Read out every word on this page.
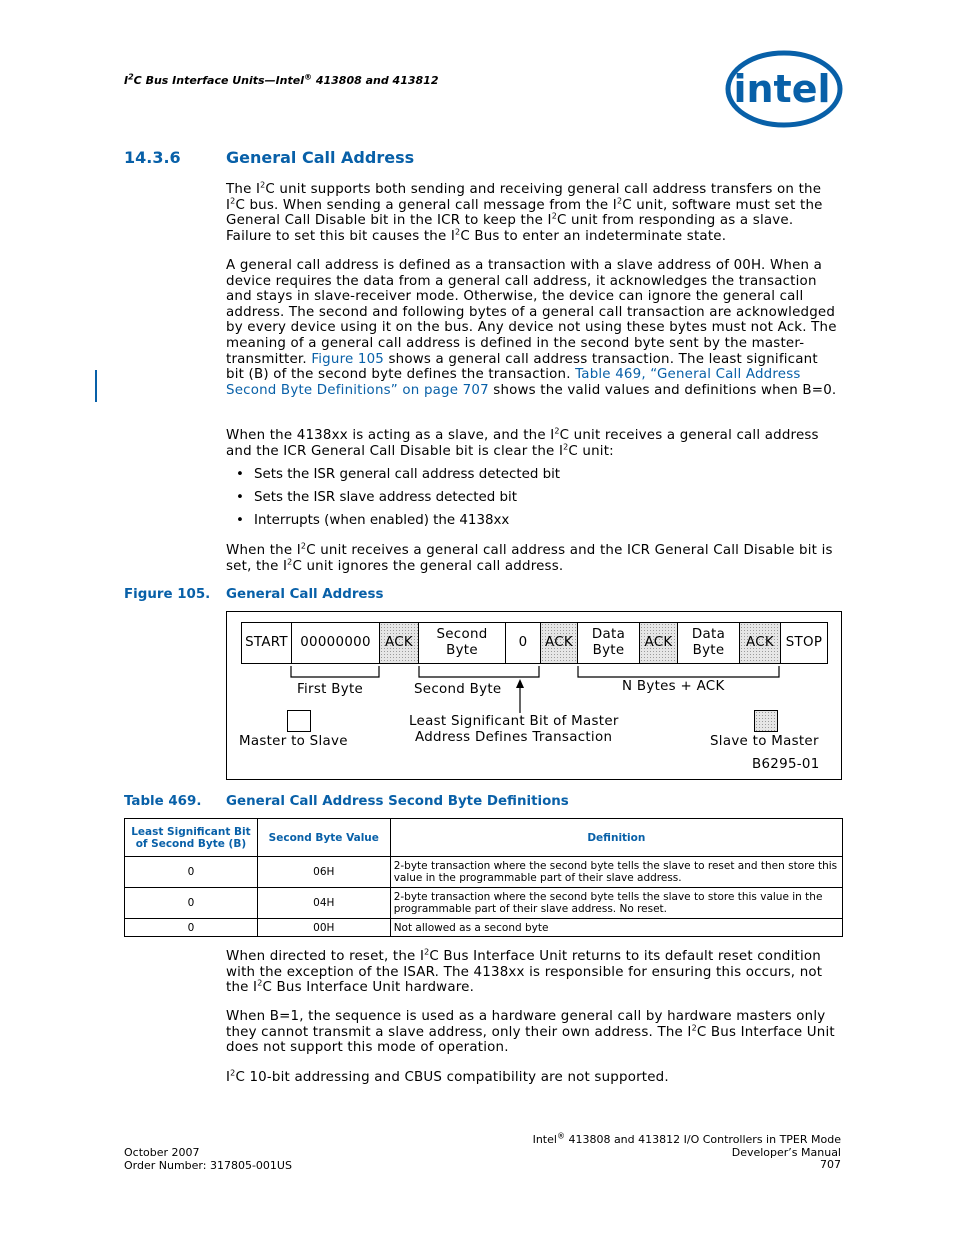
$I^2C$ Bus Interface Units—Intel® 413808 and 413812	intel
14.3.6	General Call Address

The $I^2C$ unit supports both sending and receiving general call address transfers on the $I^2C$ bus. When sending a general call message from the $I^2C$ unit, software must set the General Call Disable bit in the ICR to keep the $I^2C$ unit from responding as a slave. Failure to set this bit causes the $I^2C$ Bus to enter an indeterminate state.

A general call address is defined as a transaction with a slave address of 00H. When a device requires the data from a general call address, it acknowledges the transaction and stays in slave-receiver mode. Otherwise, the device can ignore the general call address. The second and following bytes of a general call transaction are acknowledged by every device using it on the bus. Any device not using these bytes must not Ack. The meaning of a general call address is defined in the second byte sent by the master-transmitter. Figure 105 shows a general call address transaction. The least significant bit (B) of the second byte defines the transaction. Table 469, “General Call Address Second Byte Definitions” on page 707 shows the valid values and definitions when B=0.

When the 4138xx is acting as a slave, and the $I^2C$ unit receives a general call address and the ICR General Call Disable bit is clear the $I^2C$ unit:

• Sets the ISR general call address detected bit
• Sets the ISR slave address detected bit
• Interrupts (when enabled) the 4138xx

When the $I^2C$ unit receives a general call address and the ICR General Call Disable bit is set, the $I^2C$ unit ignores the general call address.

Figure 105. General Call Address
START 00000000	ACK
Second Byte
0	ACK
Data Byte
ACK
Data Byte
ACK STOP
First Byte	Second Byte	N Bytes + ACK
Least Significant Bit of Master
Address Defines Transaction
Master to Slave	Slave to Master
B6295-01
Table 469. General Call Address Second Byte Definitions
Least Significant Bit of Second Byte (B)	Second Byte Value	Definition
0	06H	2-byte transaction where the second byte tells the slave to reset and then store this value in the programmable part of their slave address.
0	04H	2-byte transaction where the second byte tells the slave to store this value in the programmable part of their slave address. No reset.
0	00H	Not allowed as a second byte

When directed to reset, the $I^2C$ Bus Interface Unit returns to its default reset condition with the exception of the ISAR. The 4138xx is responsible for ensuring this occurs, not the $I^2C$ Bus Interface Unit hardware.

When B=1, the sequence is used as a hardware general call by hardware masters only they cannot transmit a slave address, only their own address. The $I^2C$ Bus Interface Unit does not support this mode of operation.

$I^2C$ 10-bit addressing and CBUS compatibility are not supported.

October 2007
Order Number: 317805-001US
Intel® 413808 and 413812 I/O Controllers in TPER Mode
Developer’s Manual
707
